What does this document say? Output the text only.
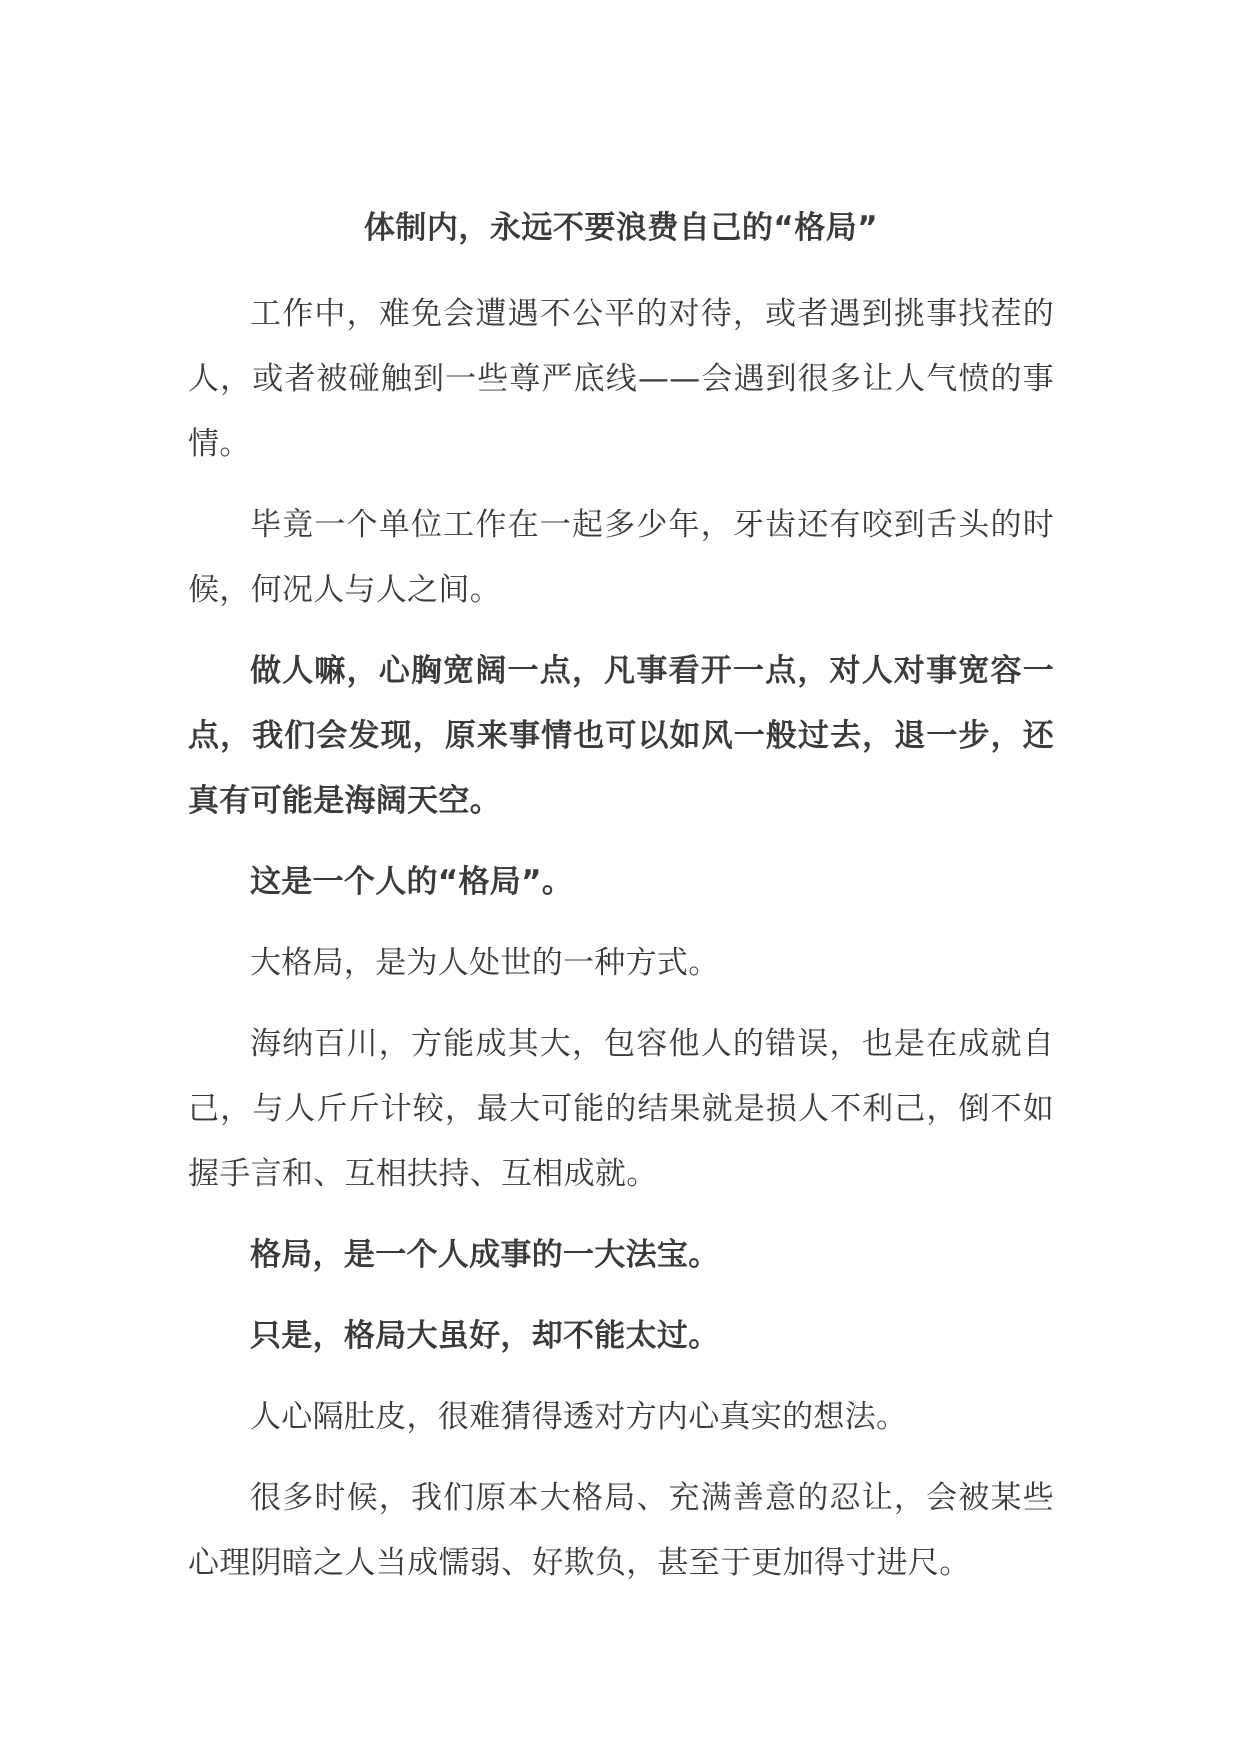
体制内，永远不要浪费自己的“格局”

工作中，难免会遭遇不公平的对待，或者遇到挑事找茬的人，或者被碰触到一些尊严底线——会遇到很多让人气愤的事情。

毕竟一个单位工作在一起多少年，牙齿还有咬到舌头的时候，何况人与人之间。

做人嘛，心胸宽阔一点，凡事看开一点，对人对事宽容一点，我们会发现，原来事情也可以如风一般过去，退一步，还真有可能是海阔天空。

这是一个人的“格局”。

大格局，是为人处世的一种方式。

海纳百川，方能成其大，包容他人的错误，也是在成就自己，与人斤斤计较，最大可能的结果就是损人不利己，倒不如握手言和、互相扶持、互相成就。

格局，是一个人成事的一大法宝。

只是，格局大虽好，却不能太过。

人心隔肚皮，很难猜得透对方内心真实的想法。

很多时候，我们原本大格局、充满善意的忍让，会被某些心理阴暗之人当成懦弱、好欺负，甚至于更加得寸进尺。
